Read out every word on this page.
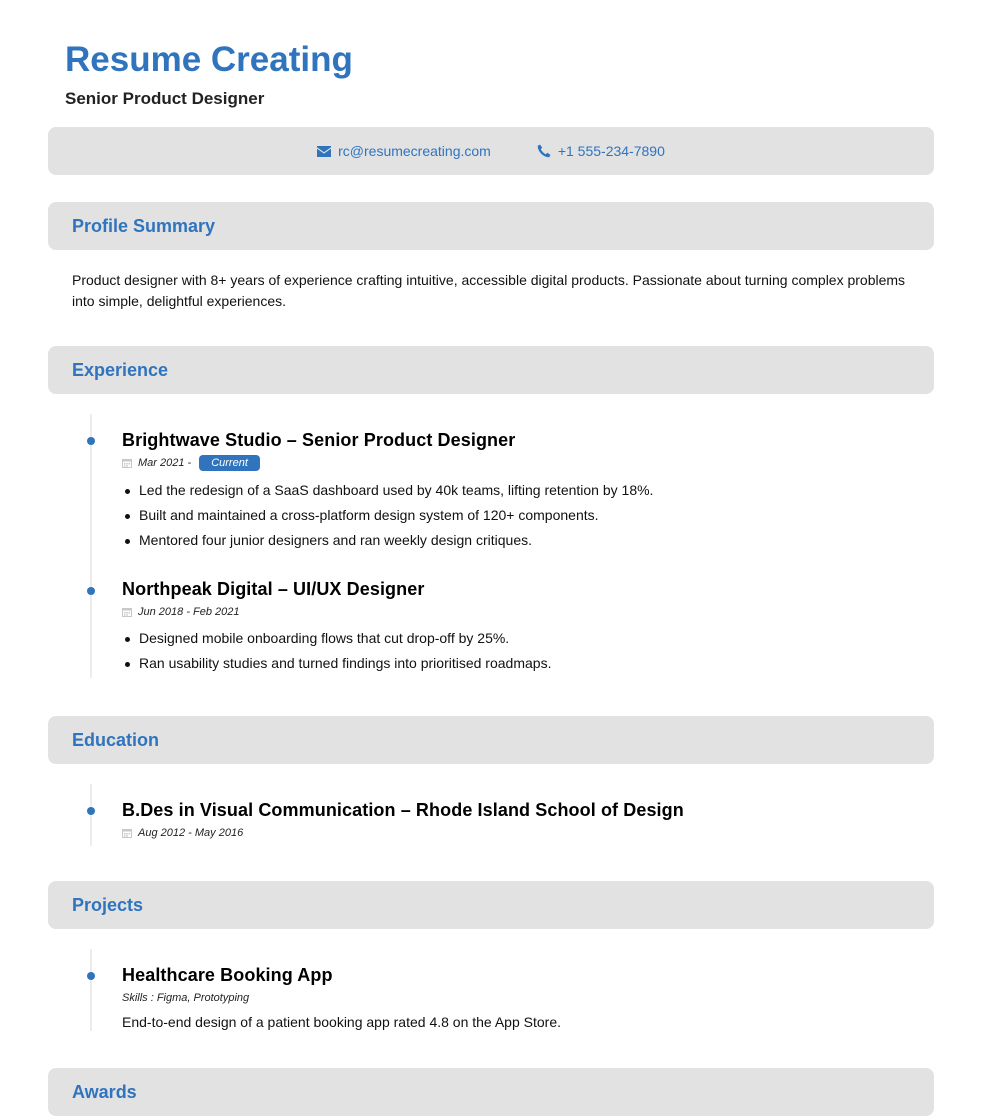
Resume Creating

Senior Product Designer

rc@resumecreating.com	+1 555-234-7890
Profile Summary

Product designer with 8+ years of experience crafting intuitive, accessible digital products. Passionate about turning complex problems into simple, delightful experiences.

Experience
Brightwave Studio – Senior Product Designer
Mar 2021 -	Current
Led the redesign of a SaaS dashboard used by 40k teams, lifting retention by 18%.
Built and maintained a cross-platform design system of 120+ components.
Mentored four junior designers and ran weekly design critiques.
Northpeak Digital – UI/UX Designer
Jun 2018 - Feb 2021
Designed mobile onboarding flows that cut drop-off by 25%.
Ran usability studies and turned findings into prioritised roadmaps.
Education
B.Des in Visual Communication – Rhode Island School of Design
Aug 2012 - May 2016
Projects
Healthcare Booking App

Skills : Figma, Prototyping

End-to-end design of a patient booking app rated 4.8 on the App Store.

Awards
